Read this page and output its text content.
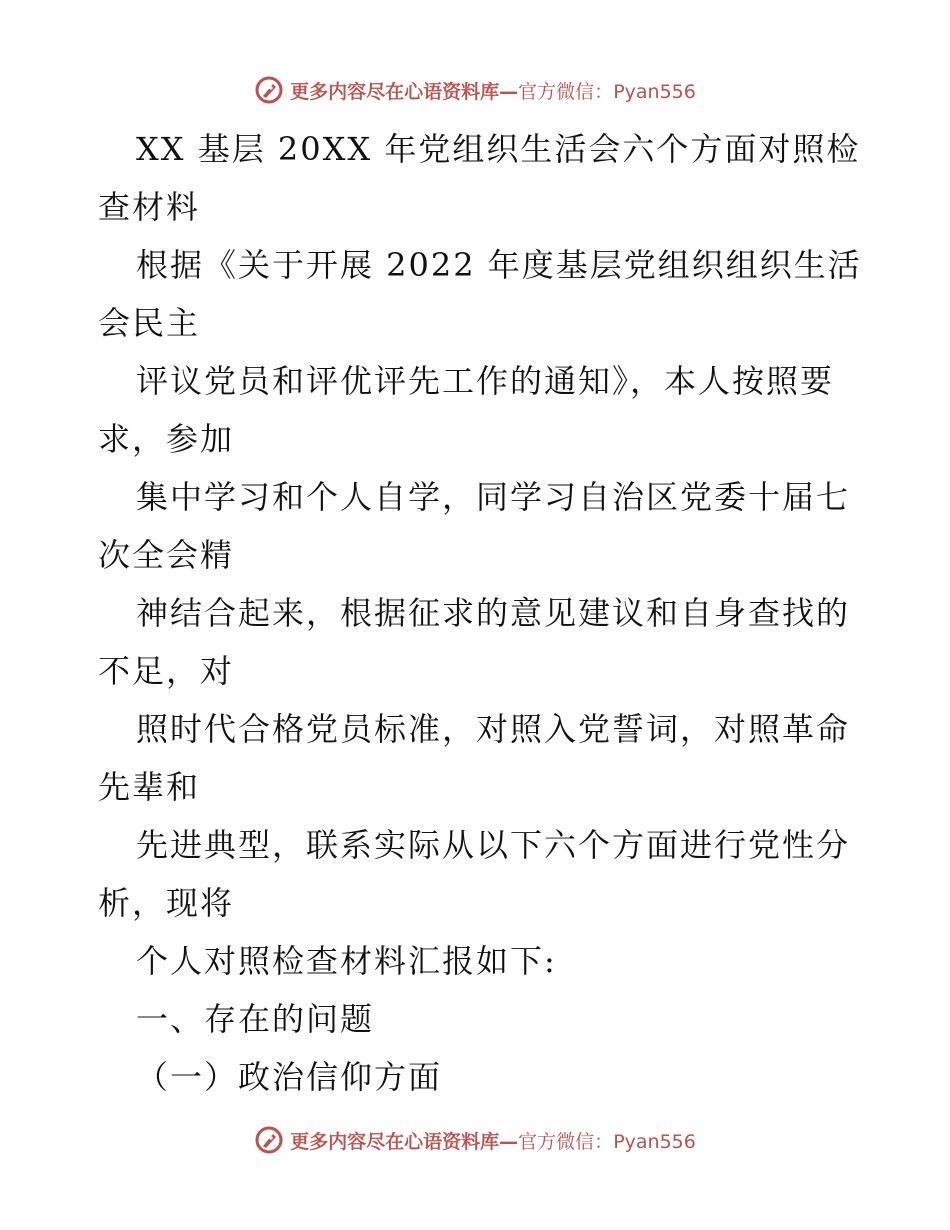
更多内容尽在心语资料库—官方微信：Pyan556
XX 基层 20XX 年党组织生活会六个方面对照检
查材料
根据《关于开展 2022 年度基层党组织组织生活
会民主
评议党员和评优评先工作的通知》，本人按照要
求，参加
集中学习和个人自学，同学习自治区党委十届七
次全会精
神结合起来，根据征求的意见建议和自身查找的
不足，对
照时代合格党员标准，对照入党誓词，对照革命
先辈和
先进典型，联系实际从以下六个方面进行党性分
析，现将
个人对照检查材料汇报如下:
一、存在的问题
（一）政治信仰方面
更多内容尽在心语资料库—官方微信：Pyan556
